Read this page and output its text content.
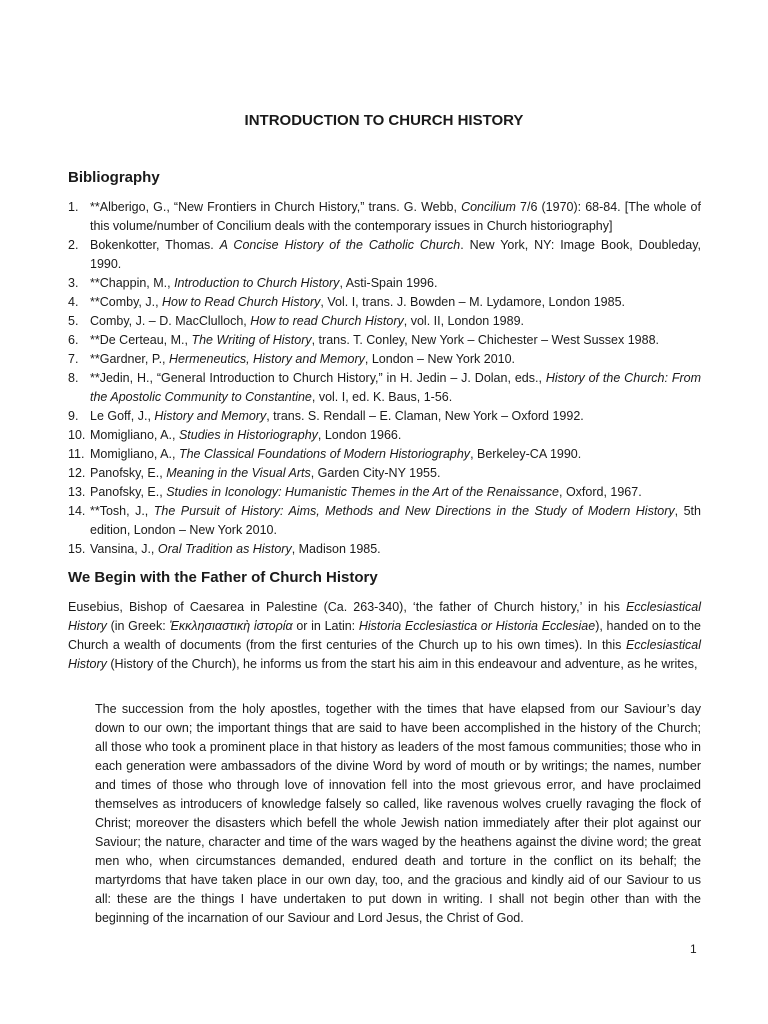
INTRODUCTION TO CHURCH HISTORY
Bibliography
1. **Alberigo, G., “New Frontiers in Church History,” trans. G. Webb, Concilium 7/6 (1970): 68-84. [The whole of this volume/number of Concilium deals with the contemporary issues in Church historiography]
2. Bokenkotter, Thomas. A Concise History of the Catholic Church. New York, NY: Image Book, Doubleday, 1990.
3. **Chappin, M., Introduction to Church History, Asti-Spain 1996.
4. **Comby, J., How to Read Church History, Vol. I, trans. J. Bowden – M. Lydamore, London 1985.
5. Comby, J. – D. MacClulloch, How to read Church History, vol. II, London 1989.
6. **De Certeau, M., The Writing of History, trans. T. Conley, New York – Chichester – West Sussex 1988.
7. **Gardner, P., Hermeneutics, History and Memory, London – New York 2010.
8. **Jedin, H., “General Introduction to Church History,” in H. Jedin – J. Dolan, eds., History of the Church: From the Apostolic Community to Constantine, vol. I, ed. K. Baus, 1-56.
9. Le Goff, J., History and Memory, trans. S. Rendall – E. Claman, New York – Oxford 1992.
10. Momigliano, A., Studies in Historiography, London 1966.
11. Momigliano, A., The Classical Foundations of Modern Historiography, Berkeley-CA 1990.
12. Panofsky, E., Meaning in the Visual Arts, Garden City-NY 1955.
13. Panofsky, E., Studies in Iconology: Humanistic Themes in the Art of the Renaissance, Oxford, 1967.
14. **Tosh, J., The Pursuit of History: Aims, Methods and New Directions in the Study of Modern History, 5th edition, London – New York 2010.
15. Vansina, J., Oral Tradition as History, Madison 1985.
We Begin with the Father of Church History

Eusebius, Bishop of Caesarea in Palestine (Ca. 263-340), ‘the father of Church history,’ in his Ecclesiastical History (in Greek: Ἐκκλησιαστικὴ ἱστορία or in Latin: Historia Ecclesiastica or Historia Ecclesiae), handed on to the Church a wealth of documents (from the first centuries of the Church up to his own times). In this Ecclesiastical History (History of the Church), he informs us from the start his aim in this endeavour and adventure, as he writes,

The succession from the holy apostles, together with the times that have elapsed from our Saviour’s day down to our own; the important things that are said to have been accomplished in the history of the Church; all those who took a prominent place in that history as leaders of the most famous communities; those who in each generation were ambassadors of the divine Word by word of mouth or by writings; the names, number and times of those who through love of innovation fell into the most grievous error, and have proclaimed themselves as introducers of knowledge falsely so called, like ravenous wolves cruelly ravaging the flock of Christ; moreover the disasters which befell the whole Jewish nation immediately after their plot against our Saviour; the nature, character and time of the wars waged by the heathens against the divine word; the great men who, when circumstances demanded, endured death and torture in the conflict on its behalf; the martyrdoms that have taken place in our own day, too, and the gracious and kindly aid of our Saviour to us all: these are the things I have undertaken to put down in writing. I shall not begin other than with the beginning of the incarnation of our Saviour and Lord Jesus, the Christ of God.

1
